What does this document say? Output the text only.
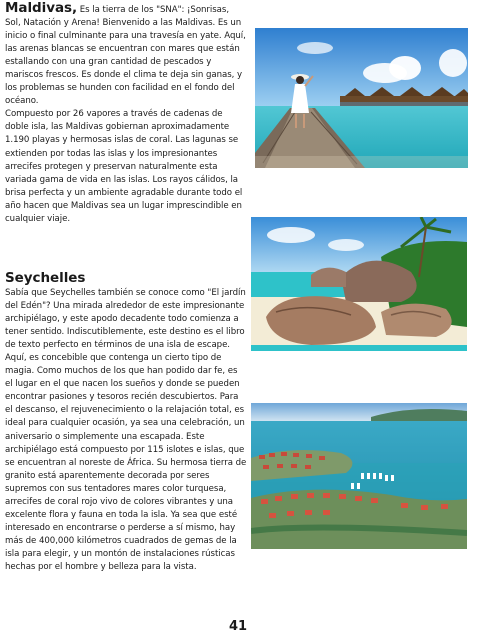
Maldivas, Es la tierra de los "SNA": ¡Sonrisas, Sol, Natación y Arena! Bienvenido a las Maldivas. Es un inicio o final culminante para una travesía en yate. Aquí, las arenas blancas se encuentran con mares que están estallando con una gran cantidad de pescados y mariscos frescos. Es donde el clima te deja sin ganas, y los problemas se hunden con facilidad en el fondo del océano.

Compuesto por 26 vapores a través de cadenas de doble isla, las Maldivas gobiernan aproximadamente 1.190 playas y hermosas islas de coral. Las lagunas se extienden por todas las islas y los impresionantes arrecifes protegen y preservan naturalmente esta variada gama de vida en las islas. Los rayos cálidos, la brisa perfecta y un ambiente agradable durante todo el año hacen que Maldivas sea un lugar imprescindible en cualquier viaje.

Seychelles

Sabía que Seychelles también se conoce como "El jardín del Edén"? Una mirada alrededor de este impresionante archipiélago, y este apodo decadente todo comienza a tener sentido. Indiscutiblemente, este destino es el libro de texto perfecto en términos de una isla de escape. Aquí, es concebible que contenga un cierto tipo de magia. Como muchos de los que han podido dar fe, es el lugar en el que nacen los sueños y donde se pueden encontrar pasiones y tesoros recién descubiertos. Para el descanso, el rejuvenecimiento o la relajación total, es ideal para cualquier ocasión, ya sea una celebración, un aniversario o simplemente una escapada. Este archipiélago está compuesto por 115 islotes e islas, que se encuentran al noreste de África. Su hermosa tierra de granito está aparentemente decorada por seres supremos con sus tentadores mares color turquesa, arrecifes de coral rojo vivo de colores vibrantes y una excelente flora y fauna en toda la isla. Ya sea que esté interesado en encontrarse o perderse a sí mismo, hay más de 400,000 kilómetros cuadrados de gemas de la isla para elegir, y un montón de instalaciones rústicas hechas por el hombre y belleza para la vista.

41
